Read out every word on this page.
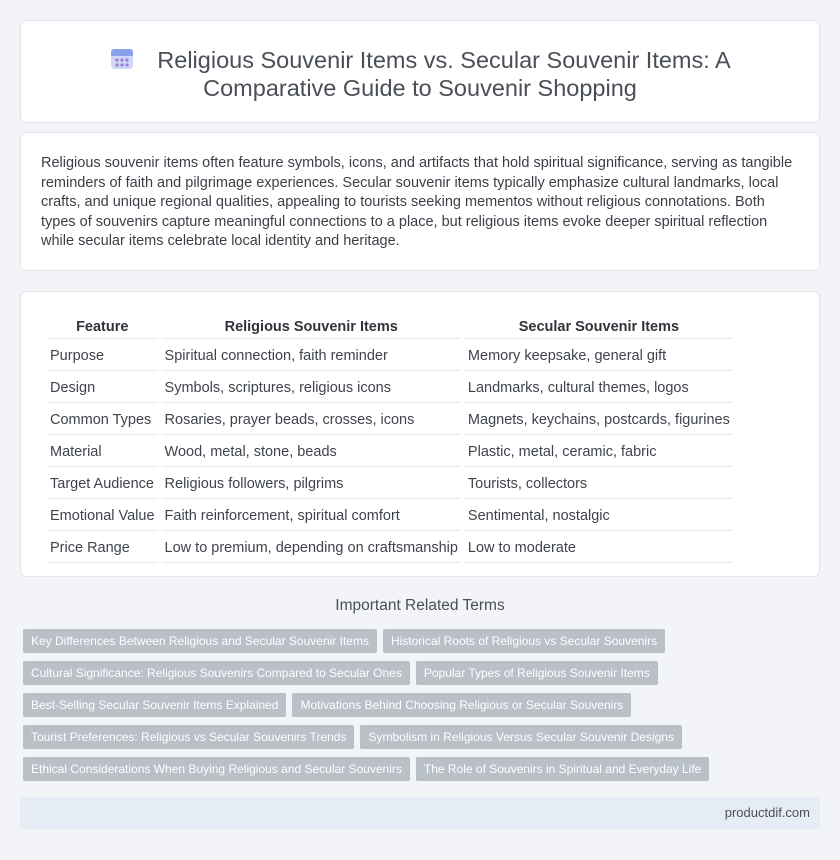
Religious Souvenir Items vs. Secular Souvenir Items: A Comparative Guide to Souvenir Shopping

Religious souvenir items often feature symbols, icons, and artifacts that hold spiritual significance, serving as tangible reminders of faith and pilgrimage experiences. Secular souvenir items typically emphasize cultural landmarks, local crafts, and unique regional qualities, appealing to tourists seeking mementos without religious connotations. Both types of souvenirs capture meaningful connections to a place, but religious items evoke deeper spiritual reflection while secular items celebrate local identity and heritage.

Feature	Religious Souvenir Items	Secular Souvenir Items
Purpose	Spiritual connection, faith reminder	Memory keepsake, general gift
Design	Symbols, scriptures, religious icons	Landmarks, cultural themes, logos
Common Types	Rosaries, prayer beads, crosses, icons	Magnets, keychains, postcards, figurines
Material	Wood, metal, stone, beads	Plastic, metal, ceramic, fabric
Target Audience	Religious followers, pilgrims	Tourists, collectors
Emotional Value	Faith reinforcement, spiritual comfort	Sentimental, nostalgic
Price Range	Low to premium, depending on craftsmanship	Low to moderate
Important Related Terms
Key Differences Between Religious and Secular Souvenir Items Historical Roots of Religious vs Secular Souvenirs
Cultural Significance: Religious Souvenirs Compared to Secular Ones Popular Types of Religious Souvenir Items
Best-Selling Secular Souvenir Items Explained Motivations Behind Choosing Religious or Secular Souvenirs
Tourist Preferences: Religious vs Secular Souvenirs Trends Symbolism in Religious Versus Secular Souvenir Designs
Ethical Considerations When Buying Religious and Secular Souvenirs The Role of Souvenirs in Spiritual and Everyday Life
productdif.com
